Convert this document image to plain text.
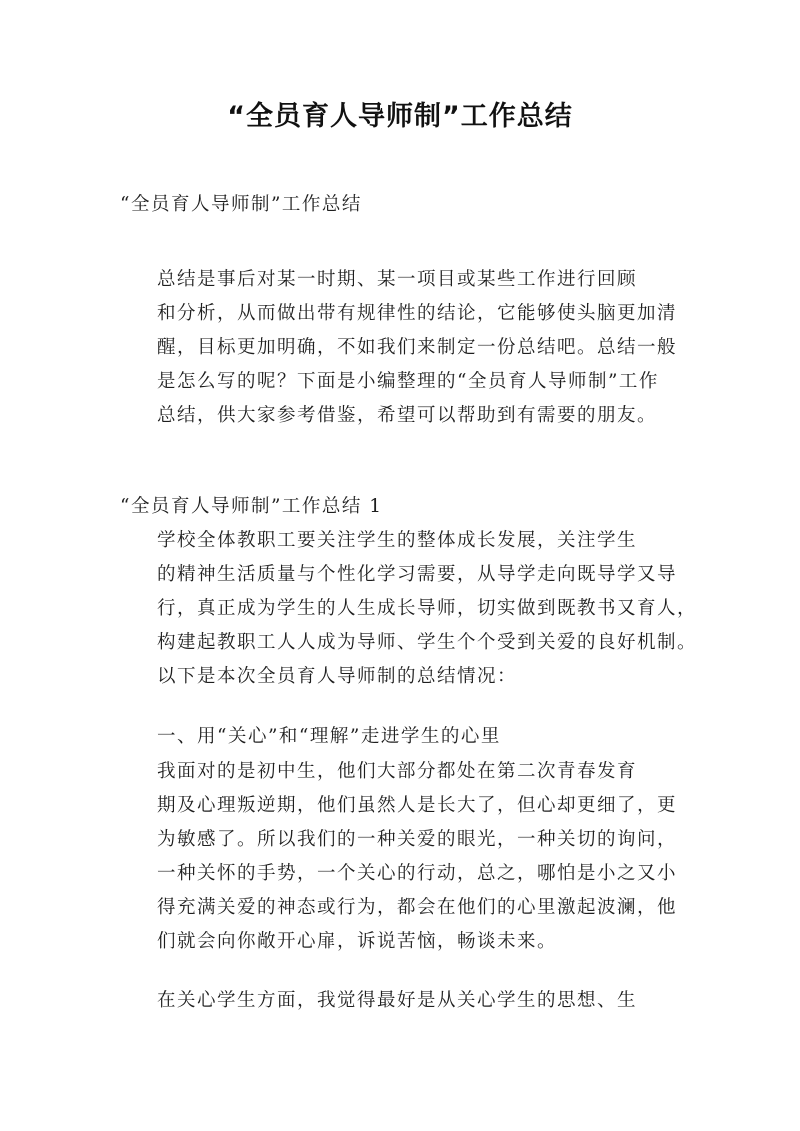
“全员育人导师制”工作总结
“全员育人导师制”工作总结
总结是事后对某一时期、某一项目或某些工作进行回顾
和分析，从而做出带有规律性的结论，它能够使头脑更加清
醒，目标更加明确，不如我们来制定一份总结吧。总结一般
是怎么写的呢？下面是小编整理的“全员育人导师制”工作
总结，供大家参考借鉴，希望可以帮助到有需要的朋友。
“全员育人导师制”工作总结 1
学校全体教职工要关注学生的整体成长发展，关注学生
的精神生活质量与个性化学习需要，从导学走向既导学又导
行，真正成为学生的人生成长导师，切实做到既教书又育人，
构建起教职工人人成为导师、学生个个受到关爱的良好机制。
以下是本次全员育人导师制的总结情况：
一、用“关心”和“理解”走进学生的心里
我面对的是初中生，他们大部分都处在第二次青春发育
期及心理叛逆期，他们虽然人是长大了，但心却更细了，更
为敏感了。所以我们的一种关爱的眼光，一种关切的询问，
一种关怀的手势，一个关心的行动，总之，哪怕是小之又小
得充满关爱的神态或行为，都会在他们的心里激起波澜，他
们就会向你敞开心扉，诉说苦恼，畅谈未来。
在关心学生方面，我觉得最好是从关心学生的思想、生
